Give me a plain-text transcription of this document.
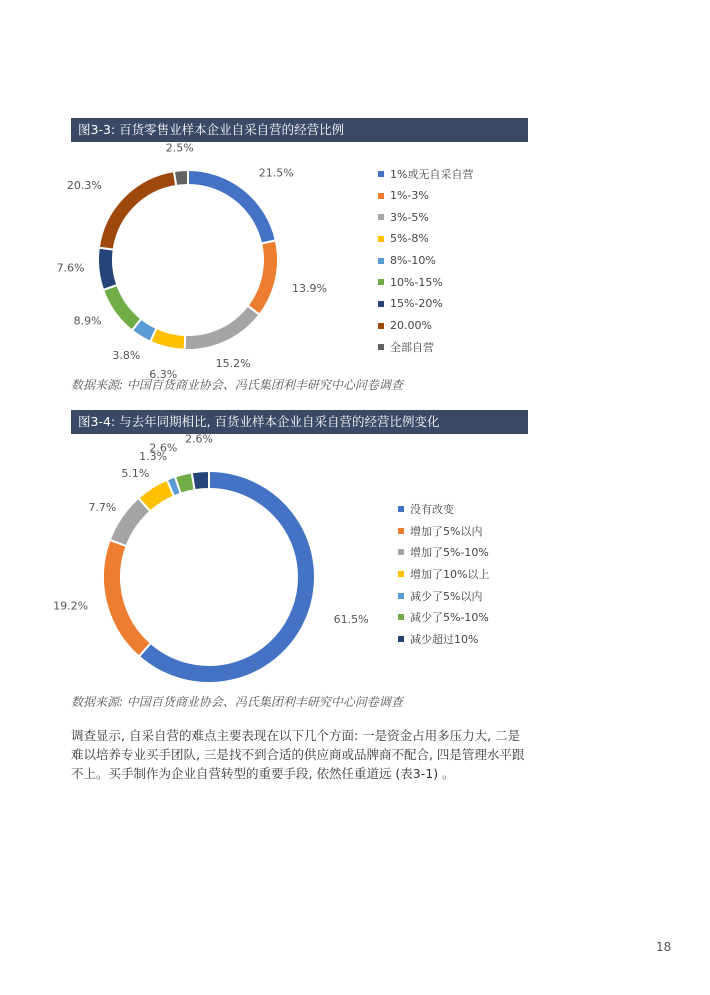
图3-3: 百货零售业样本企业自采自营的经营比例
21.5%
13.9%
15.2%
6.3%
3.8%
8.9%
7.6%
20.3%
2.5%
1%或无自采自营
1%-3%
3%-5%
5%-8%
8%-10%
10%-15%
15%-20%
20.00%
全部自营
数据来源: 中国百货商业协会、冯氏集团利丰研究中心问卷调查
图3-4: 与去年同期相比, 百货业样本企业自采自营的经营比例变化
61.5%
19.2%
7.7%
5.1%
1.3%
2.6%
2.6%
没有改变
增加了5%以内
增加了5%-10%
增加了10%以上
减少了5%以内
减少了5%-10%
减少超过10%
数据来源: 中国百货商业协会、冯氏集团利丰研究中心问卷调查
调查显示, 自采自营的难点主要表现在以下几个方面: 一是资金占用多压力大, 二是难以培养专业买手团队, 三是找不到合适的供应商或品牌商不配合, 四是管理水平跟不上。买手制作为企业自营转型的重要手段, 依然任重道远 (表3-1) 。
18
